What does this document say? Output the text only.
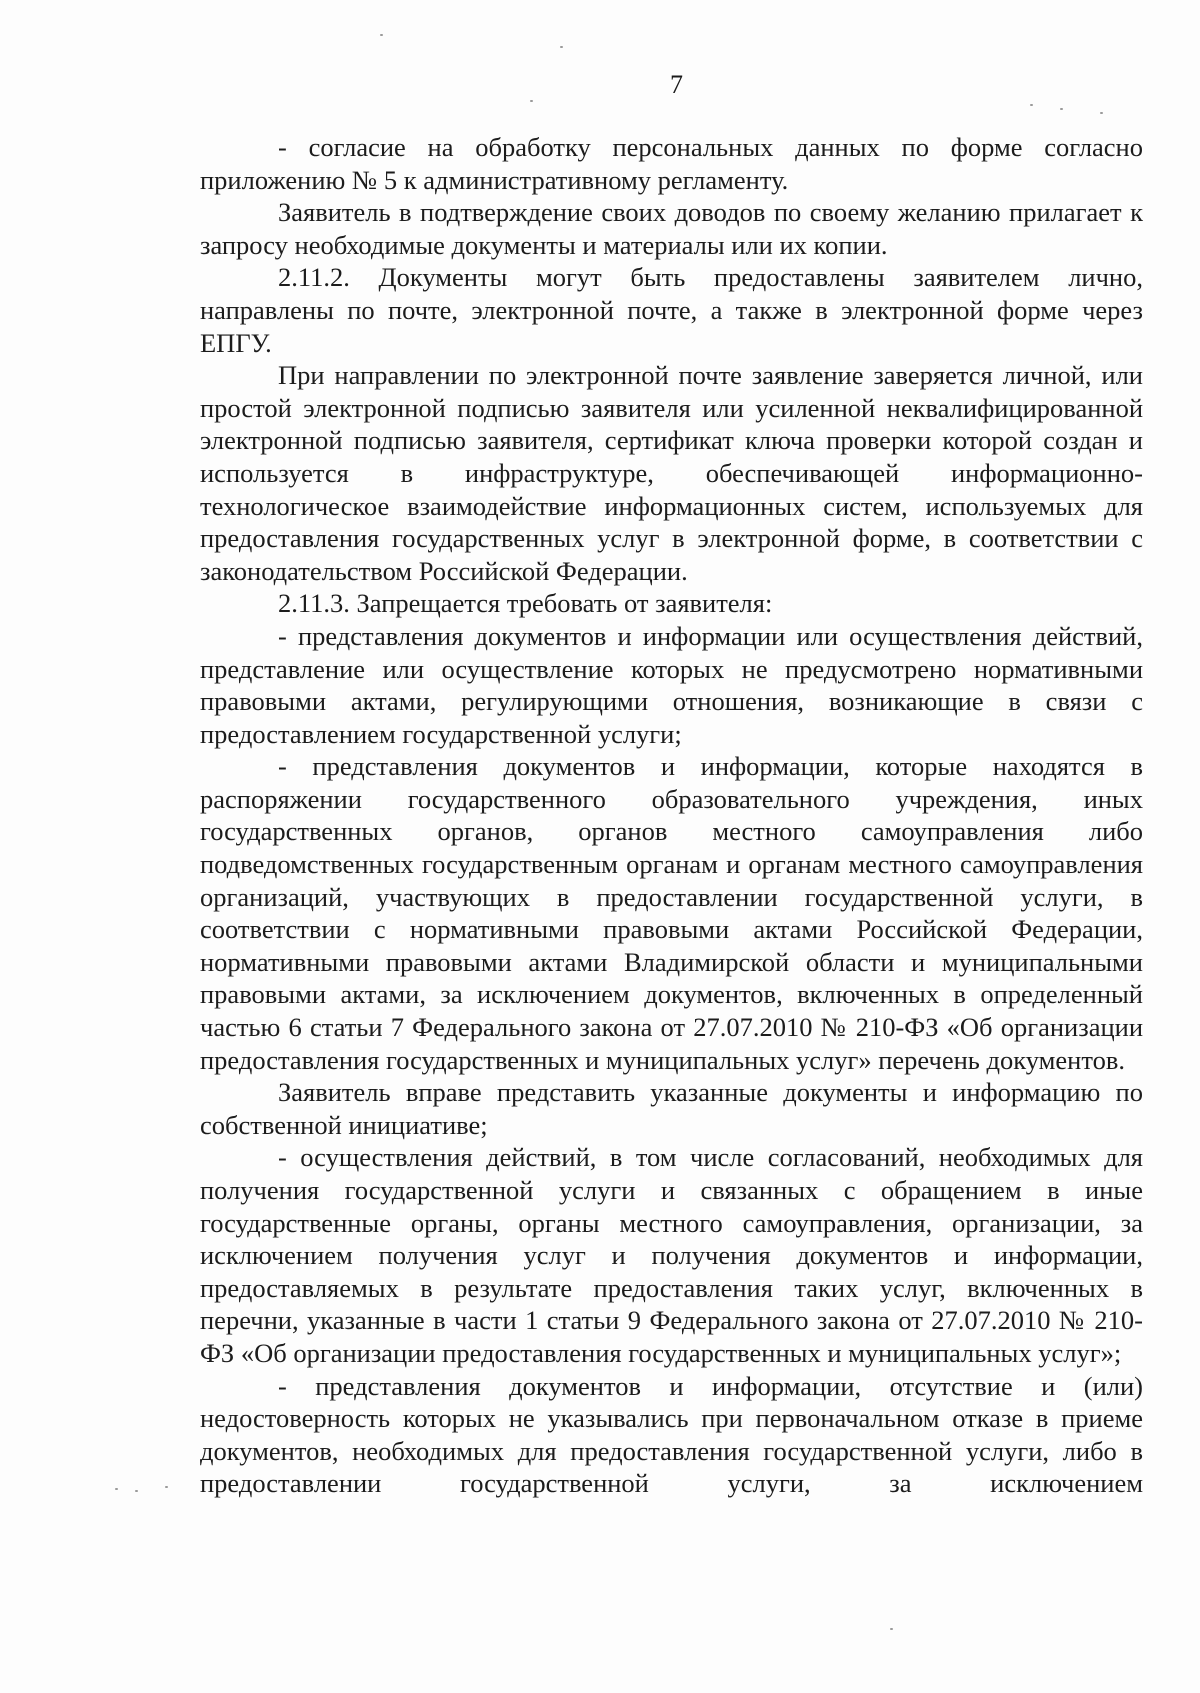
7

- согласие на обработку персональных данных по форме согласно приложению № 5 к административному регламенту.

Заявитель в подтверждение своих доводов по своему желанию прилагает к запросу необходимые документы и материалы или их копии.

2.11.2. Документы могут быть предоставлены заявителем лично, направлены по почте, электронной почте, а также в электронной форме через ЕПГУ.

При направлении по электронной почте заявление заверяется личной, или простой электронной подписью заявителя или усиленной неквалифицированной электронной подписью заявителя, сертификат ключа проверки которой создан и используется в инфраструктуре, обеспечивающей информационно-технологическое взаимодействие информационных систем, используемых для предоставления государственных услуг в электронной форме, в соответствии с законодательством Российской Федерации.

2.11.3. Запрещается требовать от заявителя:

- представления документов и информации или осуществления действий, представление или осуществление которых не предусмотрено нормативными правовыми актами, регулирующими отношения, возникающие в связи с предоставлением государственной услуги;

- представления документов и информации, которые находятся в распоряжении государственного образовательного учреждения, иных государственных органов, органов местного самоуправления либо подведомственных государственным органам и органам местного самоуправления организаций, участвующих в предоставлении государственной услуги, в соответствии с нормативными правовыми актами Российской Федерации, нормативными правовыми актами Владимирской области и муниципальными правовыми актами, за исключением документов, включенных в определенный частью 6 статьи 7 Федерального закона от 27.07.2010 № 210-ФЗ «Об организации предоставления государственных и муниципальных услуг» перечень документов.

Заявитель вправе представить указанные документы и информацию по собственной инициативе;

- осуществления действий, в том числе согласований, необходимых для получения государственной услуги и связанных с обращением в иные государственные органы, органы местного самоуправления, организации, за исключением получения услуг и получения документов и информации, предоставляемых в результате предоставления таких услуг, включенных в перечни, указанные в части 1 статьи 9 Федерального закона от 27.07.2010 № 210-ФЗ «Об организации предоставления государственных и муниципальных услуг»;

- представления документов и информации, отсутствие и (или) недостоверность которых не указывались при первоначальном отказе в приеме документов, необходимых для предоставления государственной услуги, либо в предоставлении государственной услуги, за исключением
